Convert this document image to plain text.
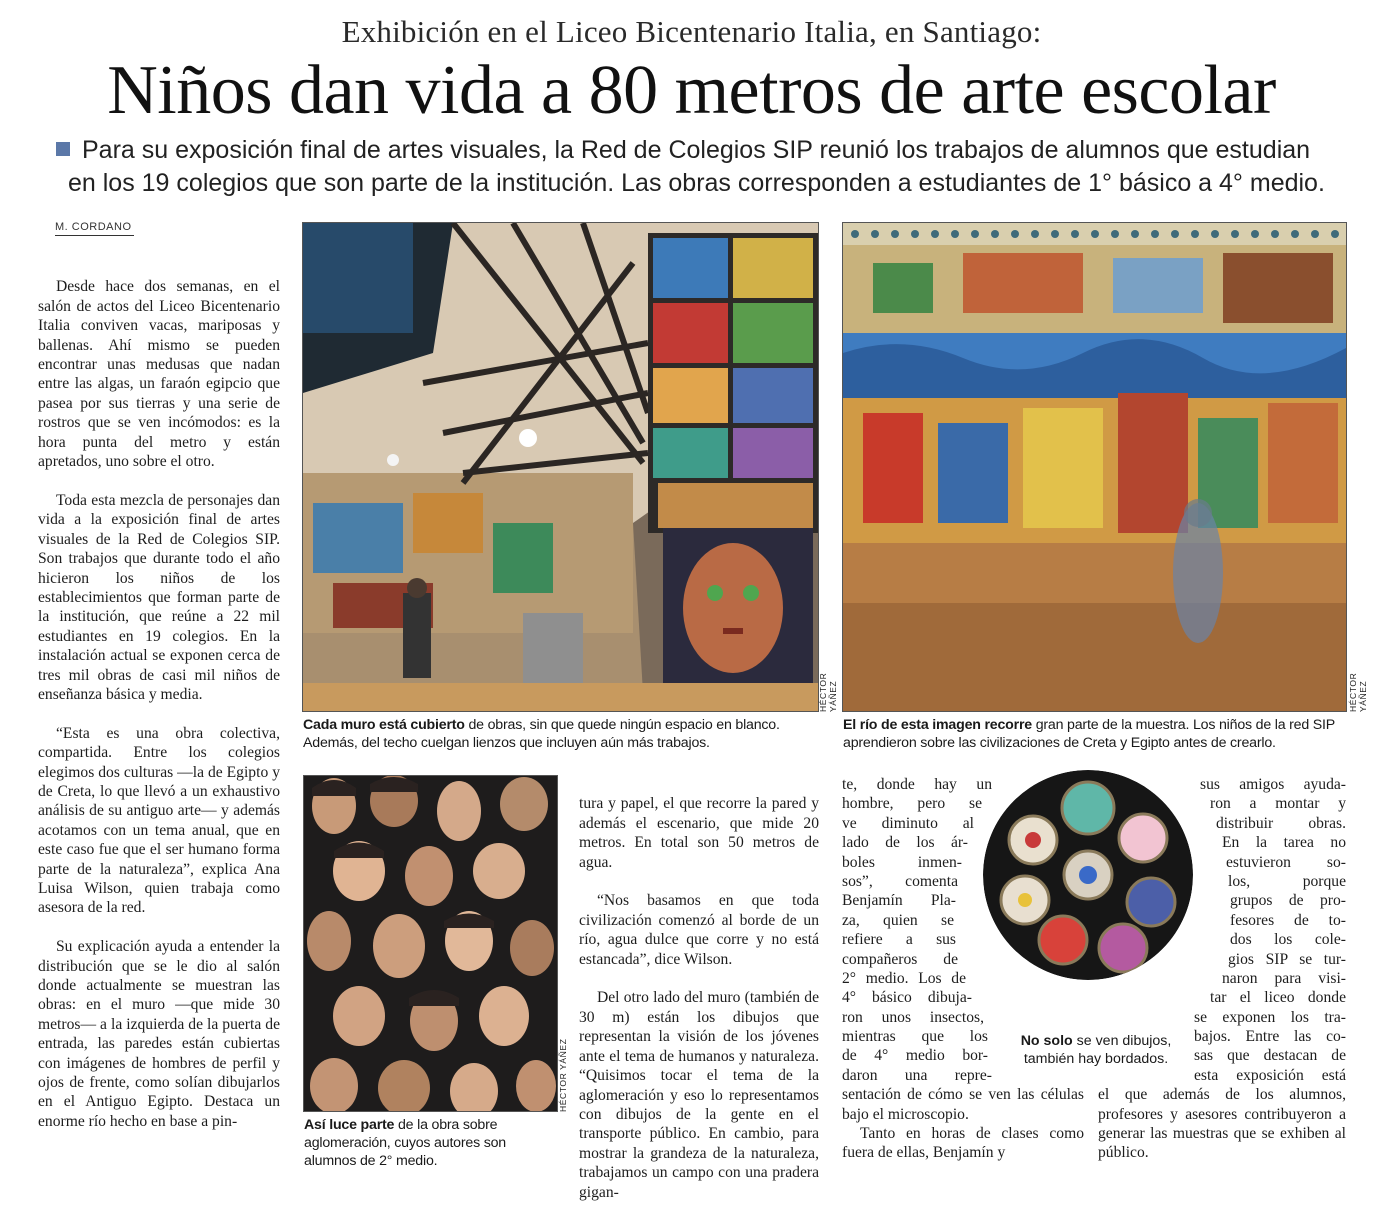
Exhibición en el Liceo Bicentenario Italia, en Santiago:
Niños dan vida a 80 metros de arte escolar
Para su exposición final de artes visuales, la Red de Colegios SIP reunió los trabajos de alumnos que estudian
en los 19 colegios que son parte de la institución. Las obras corresponden a estudiantes de 1° básico a 4° medio.
M. CORDANO

Desde hace dos semanas, en el salón de actos del Liceo Bicentenario Italia conviven vacas, mariposas y ballenas. Ahí mismo se pueden encontrar unas medusas que nadan entre las algas, un faraón egipcio que pasea por sus tierras y una serie de rostros que se ven incómodos: es la hora punta del metro y están apretados, uno sobre el otro.

Toda esta mezcla de personajes dan vida a la exposición final de artes visuales de la Red de Colegios SIP. Son trabajos que durante todo el año hicieron los niños de los establecimientos que forman parte de la institución, que reúne a 22 mil estudiantes en 19 colegios. En la instalación actual se exponen cerca de tres mil obras de casi mil niños de enseñanza básica y media.

“Esta es una obra colectiva, compartida. Entre los colegios elegimos dos culturas —la de Egipto y de Creta, lo que llevó a un exhaustivo análisis de su antiguo arte— y además acotamos con un tema anual, que en este caso fue que el ser humano forma parte de la naturaleza”, explica Ana Luisa Wilson, quien trabaja como asesora de la red.

Su explicación ayuda a entender la distribución que se le dio al salón donde actualmente se muestran las obras: en el muro —que mide 30 metros— a la izquierda de la puerta de entrada, las paredes están cubiertas con imágenes de hombres de perfil y ojos de frente, como solían dibujarlos en el Antiguo Egipto. Destaca un enorme río hecho en base a pin-

HÉCTOR YÁÑEZ
Cada muro está cubierto de obras, sin que quede ningún espacio en blanco. Además, del techo cuelgan lienzos que incluyen aún más trabajos.
HÉCTOR YÁÑEZ
El río de esta imagen recorre gran parte de la muestra. Los niños de la red SIP aprendieron sobre las civilizaciones de Creta y Egipto antes de crearlo.
HÉCTOR YÁÑEZ
Así luce parte de la obra sobre aglomeración, cuyos autores son alumnos de 2° medio.

tura y papel, el que recorre la pared y además el escenario, que mide 20 metros. En total son 50 metros de agua.

“Nos basamos en que toda civilización comenzó al borde de un río, agua dulce que corre y no está estancada”, dice Wilson.

Del otro lado del muro (también de 30 m) están los dibujos que representan la visión de los jóvenes ante el tema de humanos y naturaleza. “Quisimos tocar el tema de la aglomeración y eso lo representamos con dibujos de la gente en el transporte público. En cambio, para mostrar la grandeza de la naturaleza, trabajamos un campo con una pradera gigan-

te, donde hay un
hombre, pero se
ve diminuto al
lado de los ár-
boles inmen-
sos”, comenta
Benjamín Pla-
za, quien se
refiere a sus
compañeros de
2° medio. Los de
4° básico dibuja-
ron unos insectos,
mientras que los
de 4° medio bor-
daron una repre-

sentación de cómo se ven las células bajo el microscopio.

Tanto en horas de clases como fuera de ellas, Benjamín y

No solo se ven dibujos,
también hay bordados.
sus amigos ayuda-
ron a montar y
distribuir obras.
En la tarea no
estuvieron so-
los, porque
grupos de pro-
fesores de to-
dos los cole-
gios SIP se tur-
naron para visi-
tar el liceo donde
se exponen los tra-
bajos. Entre las co-
sas que destacan de
esta exposición está

el que además de los alumnos, profesores y asesores contribuyeron a generar las muestras que se exhiben al público.
